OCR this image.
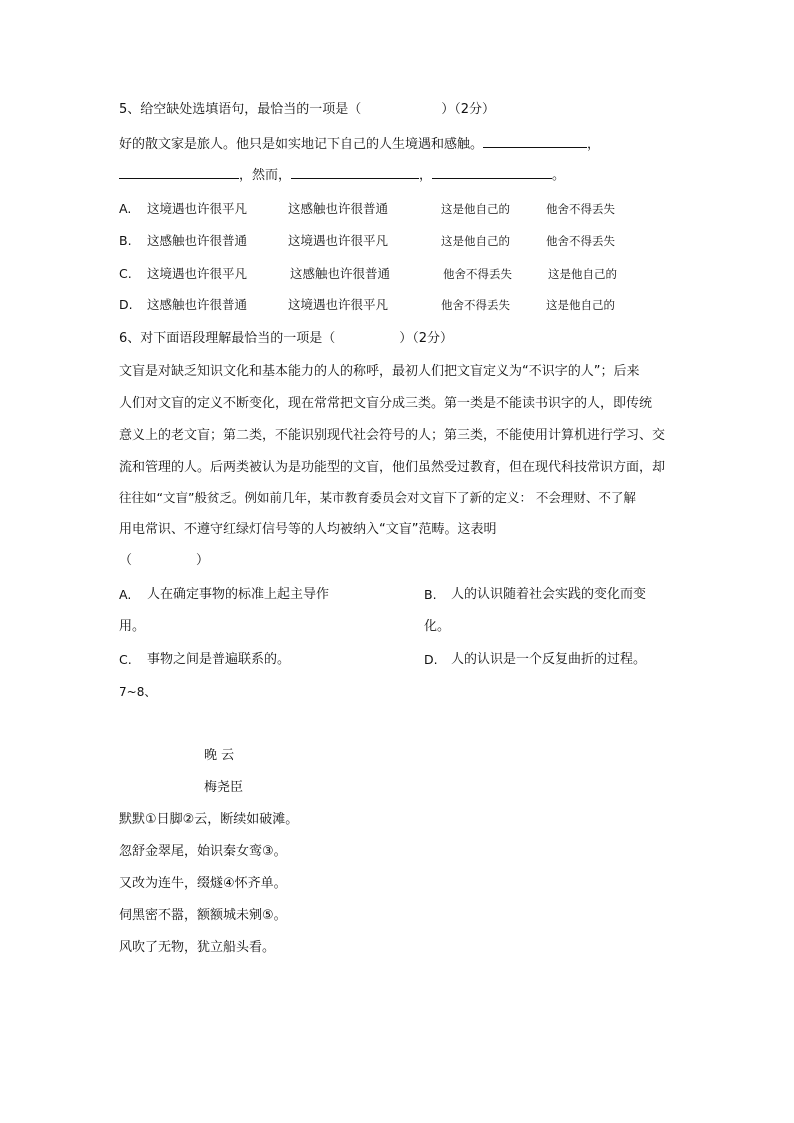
5、给空缺处选填语句，最恰当的一项是（	）（2分）
好的散文家是旅人。他只是如实地记下自己的人生境遇和感触。	，
，然而，	，	。
A. 这境遇也许很平凡	这感触也许很普通	这是他自己的	他舍不得丢失
B. 这感触也许很普通	这境遇也许很平凡	这是他自己的	他舍不得丢失
C. 这境遇也许很平凡	这感触也许很普通	他舍不得丢失	这是他自己的
D. 这感触也许很普通	这境遇也许很平凡	他舍不得丢失	这是他自己的
6、对下面语段理解最恰当的一项是（	）（2分）
文盲是对缺乏知识文化和基本能力的人的称呼，最初人们把文盲定义为“不识字的人”；后来
人们对文盲的定义不断变化，现在常常把文盲分成三类。第一类是不能读书识字的人，即传统
意义上的老文盲；第二类，不能识别现代社会符号的人；第三类，不能使用计算机进行学习、交
流和管理的人。后两类被认为是功能型的文盲，他们虽然受过教育，但在现代科技常识方面，却
往往如“文盲”般贫乏。例如前几年，某市教育委员会对文盲下了新的定义： 不会理财、不了解
用电常识、不遵守红绿灯信号等的人均被纳入“文盲”范畴。这表明
（	）
A. 人在确定事物的标准上起主导作
用。
B. 人的认识随着社会实践的变化而变
化。
C. 事物之间是普遍联系的。	D. 人的认识是一个反复曲折的过程。
7~8、
晚 云
梅尧臣
默默①日脚②云，断续如破滩。
忽舒金翠尾，始识秦女鸾③。
又改为连牛，缀燧④怀齐单。
伺黑密不嚣，额额城未剜⑤。
风吹了无物，犹立船头看。
